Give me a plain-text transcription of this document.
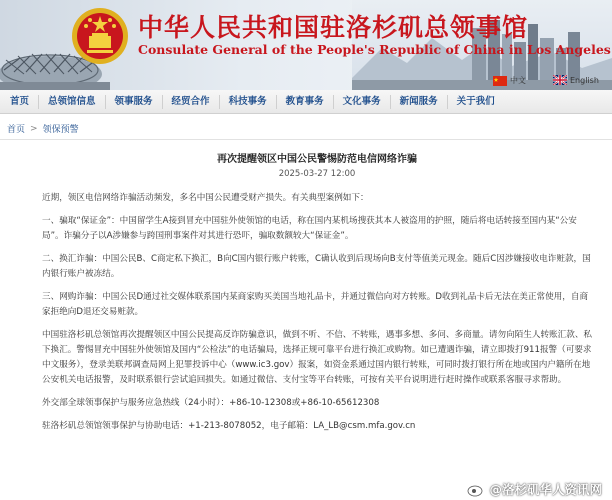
中华人民共和国驻洛杉矶总领事馆
Consulate General of the People's Republic of China in Los Angeles
中文	English
首页	总领馆信息	领事服务	经贸合作	科技事务	教育事务	文化事务	新闻服务	关于我们
首页 > 领保预警
再次提醒领区中国公民警惕防范电信网络诈骗
2025-03-27 12:00

近期，领区电信网络诈骗活动频发，多名中国公民遭受财产损失。有关典型案例如下：

一、骗取“保证金”：中国留学生A接到冒充中国驻外使领馆的电话，称在国内某机场搜获其本人被盗用的护照，随后将电话转接至国内某“公安局”。诈骗分子以A涉嫌参与跨国刑事案件对其进行恐吓，骗取数额较大“保证金”。

二、换汇诈骗：中国公民B、C商定私下换汇，B向C国内银行账户转账，C确认收到后现场向B支付等值美元现金。随后C因涉嫌接收电诈赃款，国内银行账户被冻结。

三、网购诈骗：中国公民D通过社交媒体联系国内某商家购买美国当地礼品卡，并通过微信向对方转账。D收到礼品卡后无法在美正常使用，自商家拒绝向D退还交易赃款。

中国驻洛杉矶总领馆再次提醒领区中国公民提高反诈防骗意识，做到不听、不信、不转账，遇事多想、多问、多商量。请勿向陌生人转账汇款、私下换汇。警惕冒充中国驻外使领馆及国内“公检法”的电话骗局，选择正规可靠平台进行换汇或购物。如已遭遇诈骗，请立即拨打911报警（可要求中文服务），登录美联邦调查局网上犯罪投诉中心（www.ic3.gov）报案，如资金系通过国内银行转账，可同时拨打银行所在地或国内户籍所在地公安机关电话报警，及时联系银行尝试追回损失。如通过微信、支付宝等平台转账，可按有关平台说明进行赶时操作或联系客服寻求帮助。

外交部全球领事保护与服务应急热线（24小时）：+86-10-12308或+86-10-65612308

驻洛杉矶总领馆领事保护与协助电话：+1-213-8078052，电子邮箱：LA_LB@csm.mfa.gov.cn

@洛杉矶华人资讯网
